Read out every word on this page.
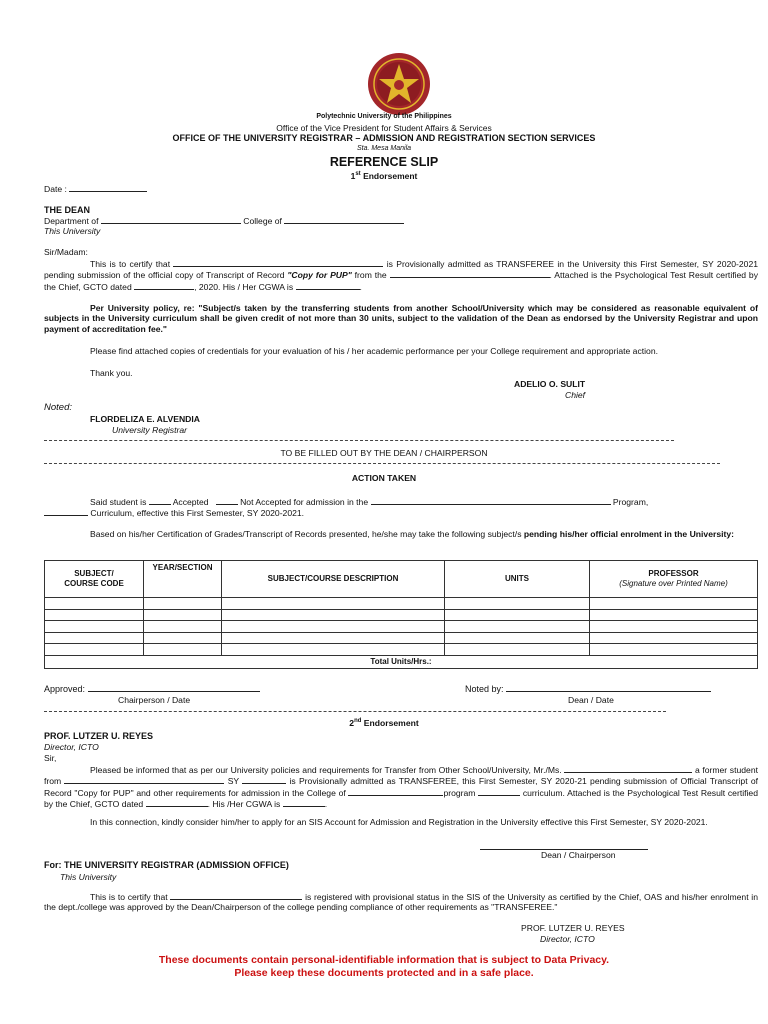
Polytechnic University of the Philippines
Office of the Vice President for Student Affairs & Services
OFFICE OF THE UNIVERSITY REGISTRAR – ADMISSION AND REGISTRATION SECTION SERVICES
Sta. Mesa Manila
REFERENCE SLIP
1st Endorsement
Date :
THE DEAN
Department of	College of
This University
Sir/Madam:
This is to certify that	is Provisionally admitted as TRANSFEREE in the University this First Semester, SY 2020-2021 pending submission of the official copy of Transcript of Record "Copy for PUP" from the	. Attached is the Psychological Test Result certified by the Chief, GCTO dated	, 2020. His / Her CGWA is	.
Per University policy, re: "Subject/s taken by the transferring students from another School/University which may be considered as reasonable equivalent of subjects in the University curriculum shall be given credit of not more than 30 units, subject to the validation of the Dean as endorsed by the University Registrar and upon payment of accreditation fee."
Please find attached copies of credentials for your evaluation of his / her academic performance per your College requirement and appropriate action.
Thank you.
ADELIO O. SULIT
Chief
Noted:
FLORDELIZA E. ALVENDIA
University Registrar
TO BE FILLED OUT BY THE DEAN / CHAIRPERSON
ACTION TAKEN
Said student is	Accepted	Not Accepted for admission in the	Program,
Curriculum, effective this First Semester, SY 2020-2021.
Based on his/her Certification of Grades/Transcript of Records presented, he/she may take the following subject/s pending his/her official enrolment in the University:
SUBJECT/
COURSE CODE	YEAR/SECTION	SUBJECT/COURSE DESCRIPTION	UNITS	PROFESSOR
(Signature over Printed Name)

Total Units/Hrs.:				
Approved:
Chairperson / Date
Noted by:
Dean / Date
2nd Endorsement
PROF. LUTZER U. REYES
Director, ICTO
Sir,
Pleased be informed that as per our University policies and requirements for Transfer from Other School/University, Mr./Ms.	a former student from	SY	is Provisionally admitted as TRANSFEREE, this First Semester, SY 2020-21 pending submission of Official Transcript of Record "Copy for PUP" and other requirements for admission in the College of	program	curriculum. Attached is the Psychological Test Result certified by the Chief, GCTO dated	. His /Her CGWA is	.
In this connection, kindly consider him/her to apply for an SIS Account for Admission and Registration in the University effective this First Semester, SY 2020-2021.
Dean / Chairperson
For: THE UNIVERSITY REGISTRAR (ADMISSION OFFICE)
This University
This is to certify that	is registered with provisional status in the SIS of the University as certified by the Chief, OAS and his/her enrolment in the dept./college was approved by the Dean/Chairperson of the college pending compliance of other requirements as "TRANSFEREE."
PROF. LUTZER U. REYES
Director, ICTO
These documents contain personal-identifiable information that is subject to Data Privacy.
Please keep these documents protected and in a safe place.
